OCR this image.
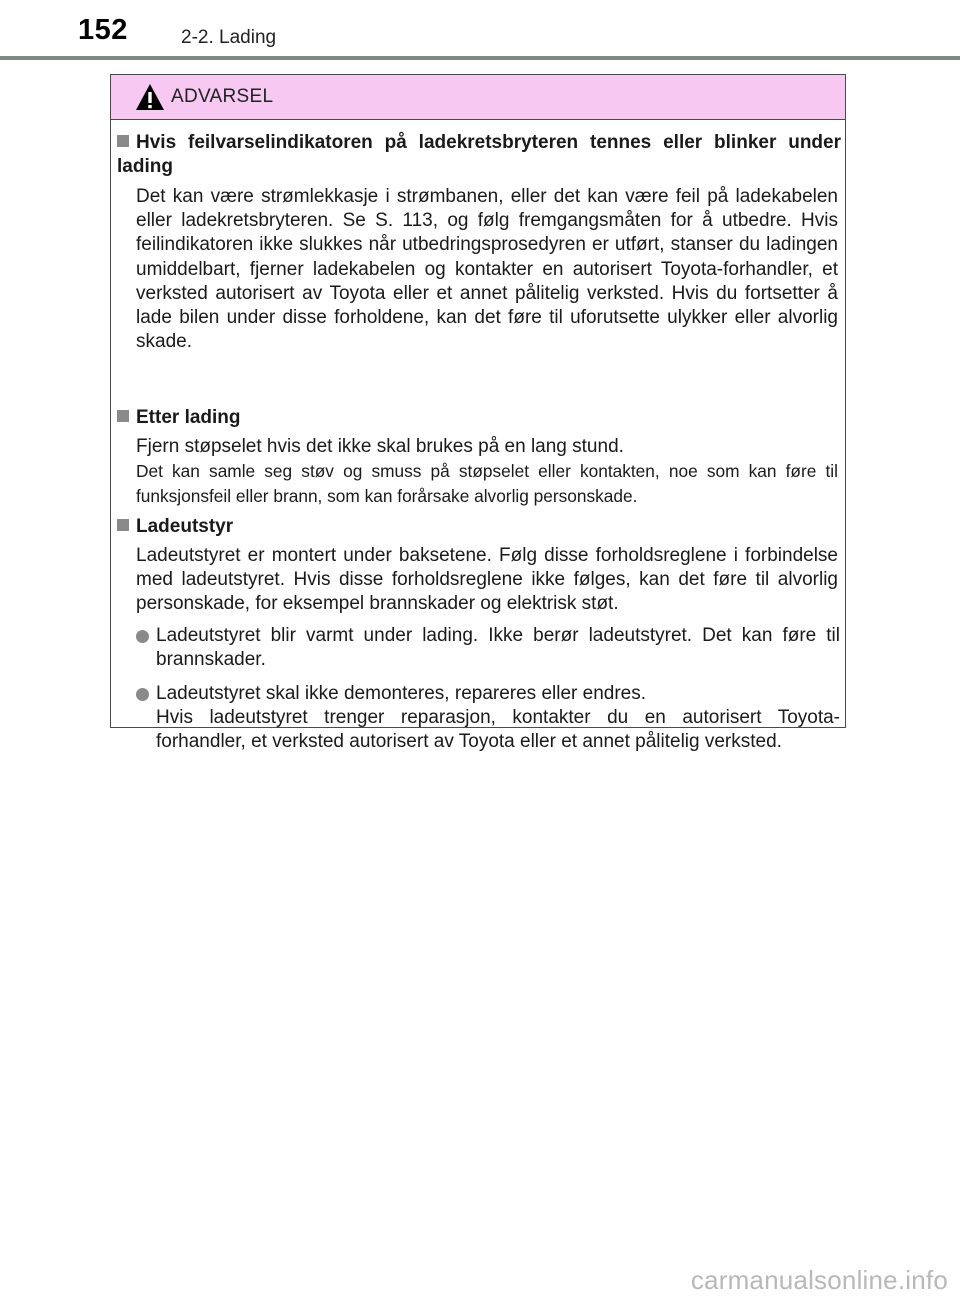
152	2-2. Lading
ADVARSEL
Hvis feilvarselindikatoren på ladekretsbryteren tennes eller blinker under lading
Det kan være strømlekkasje i strømbanen, eller det kan være feil på ladekabelen eller ladekretsbryteren. Se S. 113, og følg fremgangsmåten for å utbedre. Hvis feilindikatoren ikke slukkes når utbedringsprosedyren er utført, stanser du ladingen umiddelbart, fjerner ladekabelen og kontakter en autorisert Toyota-forhandler, et verksted autorisert av Toyota eller et annet pålitelig verksted. Hvis du fortsetter å lade bilen under disse forholdene, kan det føre til uforutsette ulykker eller alvorlig skade.
Etter lading
Fjern støpselet hvis det ikke skal brukes på en lang stund.
Det kan samle seg støv og smuss på støpselet eller kontakten, noe som kan føre til funksjonsfeil eller brann, som kan forårsake alvorlig personskade.
Ladeutstyr
Ladeutstyret er montert under baksetene. Følg disse forholdsreglene i forbindelse med ladeutstyret. Hvis disse forholdsreglene ikke følges, kan det føre til alvorlig personskade, for eksempel brannskader og elektrisk støt.
Ladeutstyret blir varmt under lading. Ikke berør ladeutstyret. Det kan føre til brannskader.
Ladeutstyret skal ikke demonteres, repareres eller endres.
Hvis ladeutstyret trenger reparasjon, kontakter du en autorisert Toyota-forhandler, et verksted autorisert av Toyota eller et annet pålitelig verksted.
carmanualsonline.info
